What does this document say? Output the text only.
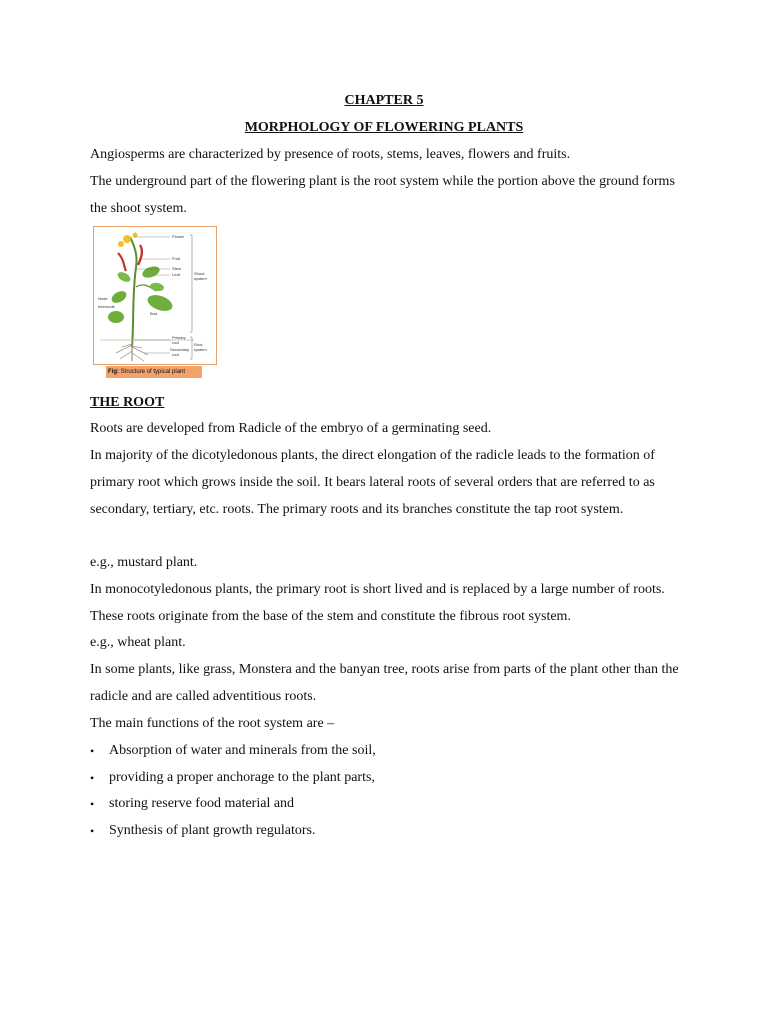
CHAPTER 5
MORPHOLOGY OF FLOWERING PLANTS

Angiosperms are characterized by presence of roots, stems, leaves, flowers and fruits.

The underground part of the flowering plant is the root system while the portion above the ground forms the shoot system.

Flower
Fruit
Stem
Leaf	Shoot
system
Node
Internode
Bud
Primary
root
Secondary
root
Root
system
Fig: Structure of typical plant
THE ROOT

Roots are developed from Radicle of the embryo of a germinating seed.

In majority of the dicotyledonous plants, the direct elongation of the radicle leads to the formation of primary root which grows inside the soil. It bears lateral roots of several orders that are referred to as secondary, tertiary, etc. roots. The primary roots and its branches constitute the tap root system.

e.g., mustard plant.

In monocotyledonous plants, the primary root is short lived and is replaced by a large number of roots. These roots originate from the base of the stem and constitute the fibrous root system.

e.g., wheat plant.

In some plants, like grass, Monstera and the banyan tree, roots arise from parts of the plant other than the radicle and are called adventitious roots.

The main functions of the root system are –

• Absorption of water and minerals from the soil,
• providing a proper anchorage to the plant parts,
• storing reserve food material and
• Synthesis of plant growth regulators.
